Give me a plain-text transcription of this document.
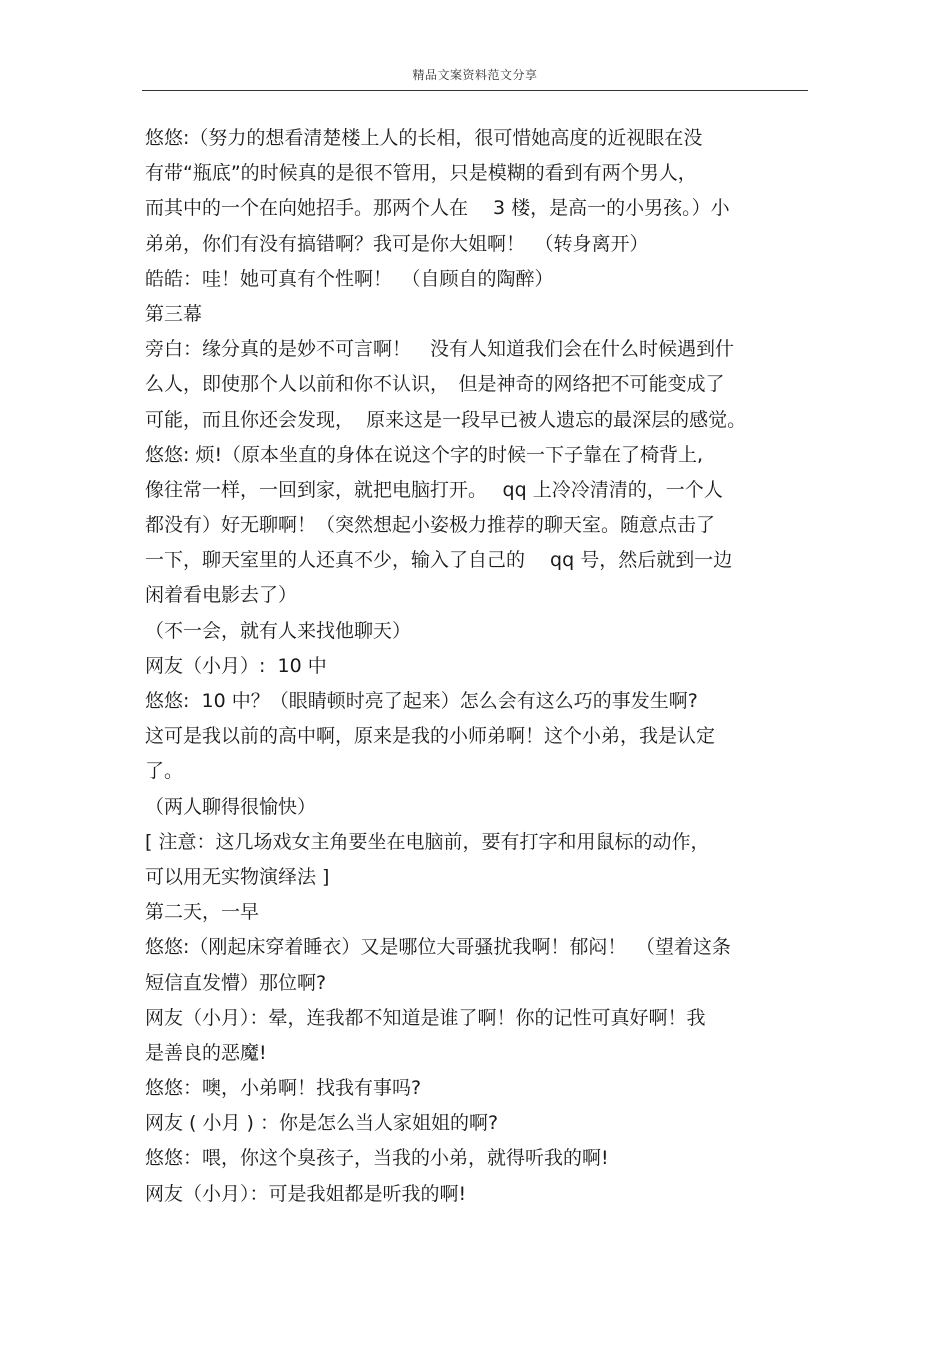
精品文案资料范文分享
悠悠:（努力的想看清楚楼上人的长相，很可惜她高度的近视眼在没
有带“瓶底”的时候真的是很不管用，只是模糊的看到有两个男人，
而其中的一个在向她招手。那两个人在　 3 楼，是高一的小男孩。）小
弟弟，你们有没有搞错啊？我可是你大姐啊！　（转身离开）
皓皓：哇！她可真有个性啊！　（自顾自的陶醉）
第三幕
旁白：缘分真的是妙不可言啊！　没有人知道我们会在什么时候遇到什
么人，即使那个人以前和你不认识，　但是神奇的网络把不可能变成了
可能，而且你还会发现，  原来这是一段早已被人遗忘的最深层的感觉。
悠悠: 烦!（原本坐直的身体在说这个字的时候一下子靠在了椅背上,
像往常一样，一回到家，就把电脑打开。　 qq 上冷冷清清的，一个人
都没有）好无聊啊！（突然想起小姿极力推荐的聊天室。随意点击了
一下，聊天室里的人还真不少，输入了自己的　 qq 号，然后就到一边
闲着看电影去了）
（不一会，就有人来找他聊天）
网友（小月）:  10 中
悠悠:  10 中？（眼睛顿时亮了起来）怎么会有这么巧的事发生啊?
这可是我以前的高中啊，原来是我的小师弟啊！这个小弟，我是认定
了。
（两人聊得很愉快）
[ 注意：这几场戏女主角要坐在电脑前，要有打字和用鼠标的动作，
可以用无实物演绎法 ]
第二天，一早
悠悠:（刚起床穿着睡衣）又是哪位大哥骚扰我啊！郁闷！　（望着这条
短信直发懵）那位啊?
网友（小月）：晕，连我都不知道是谁了啊！你的记性可真好啊！我
是善良的恶魔!
悠悠：噢，小弟啊！找我有事吗?
网友 ( 小月 ) ：你是怎么当人家姐姐的啊?
悠悠：喂，你这个臭孩子，当我的小弟，就得听我的啊!
网友（小月）：可是我姐都是听我的啊!
